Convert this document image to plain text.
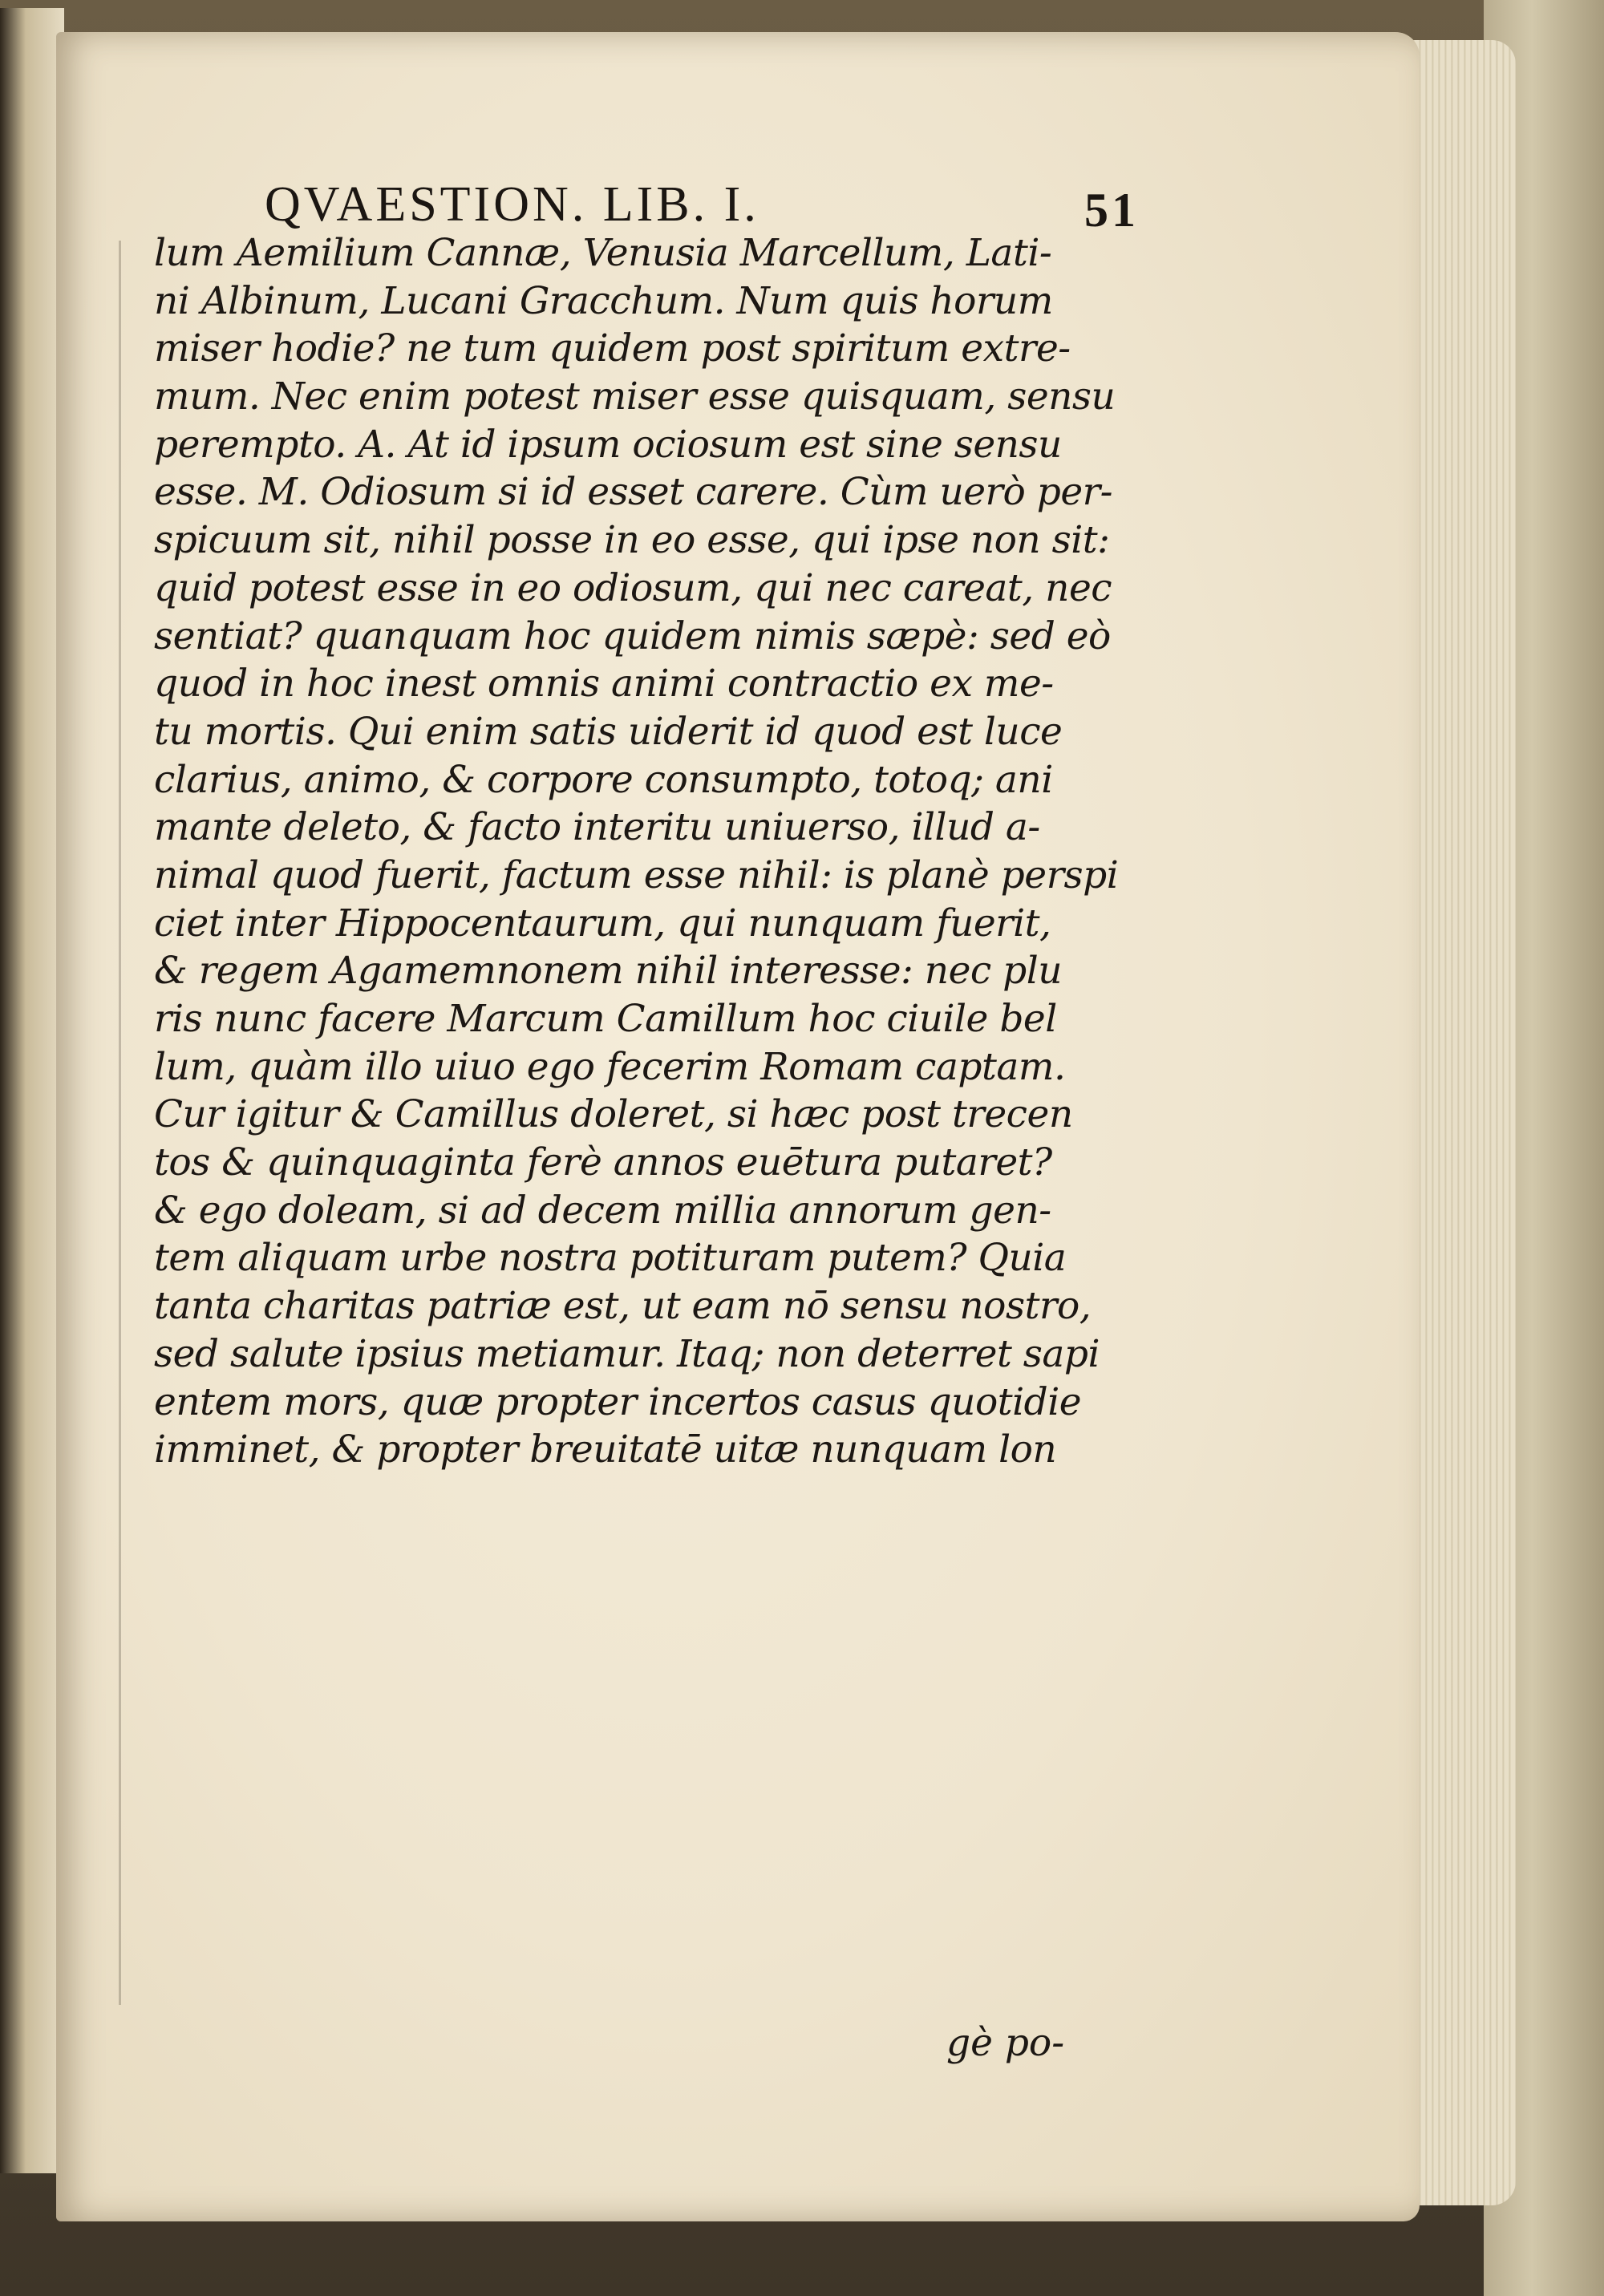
QVAESTION. LIB. I.	51
lum Aemilium Cannæ, Venusia Marcellum, Lati-
ni Albinum, Lucani Gracchum. Num quis horum
miser hodie? ne tum quidem post spiritum extre-
mum. Nec enim potest miser esse quisquam, sensu
perempto. A. At id ipsum ociosum est sine sensu
esse. M. Odiosum si id esset carere. Cùm uerò per-
spicuum sit, nihil posse in eo esse, qui ipse non sit:
quid potest esse in eo odiosum, qui nec careat, nec
sentiat? quanquam hoc quidem nimis sæpè: sed eò
quod in hoc inest omnis animi contractio ex me-
tu mortis. Qui enim satis uiderit id quod est luce
clarius, animo, & corpore consumpto, totoq; ani
mante deleto, & facto interitu uniuerso, illud a-
nimal quod fuerit, factum esse nihil: is planè perspi
ciet inter Hippocentaurum, qui nunquam fuerit,
& regem Agamemnonem nihil interesse: nec plu
ris nunc facere Marcum Camillum hoc ciuile bel
lum, quàm illo uiuo ego fecerim Romam captam.
Cur igitur & Camillus doleret, si hæc post trecen
tos & quinquaginta ferè annos euētura putaret?
& ego doleam, si ad decem millia annorum gen-
tem aliquam urbe nostra potituram putem? Quia
tanta charitas patriæ est, ut eam nō sensu nostro,
sed salute ipsius metiamur. Itaq; non deterret sapi
entem mors, quæ propter incertos casus quotidie
imminet, & propter breuitatē uitæ nunquam lon
gè po-
